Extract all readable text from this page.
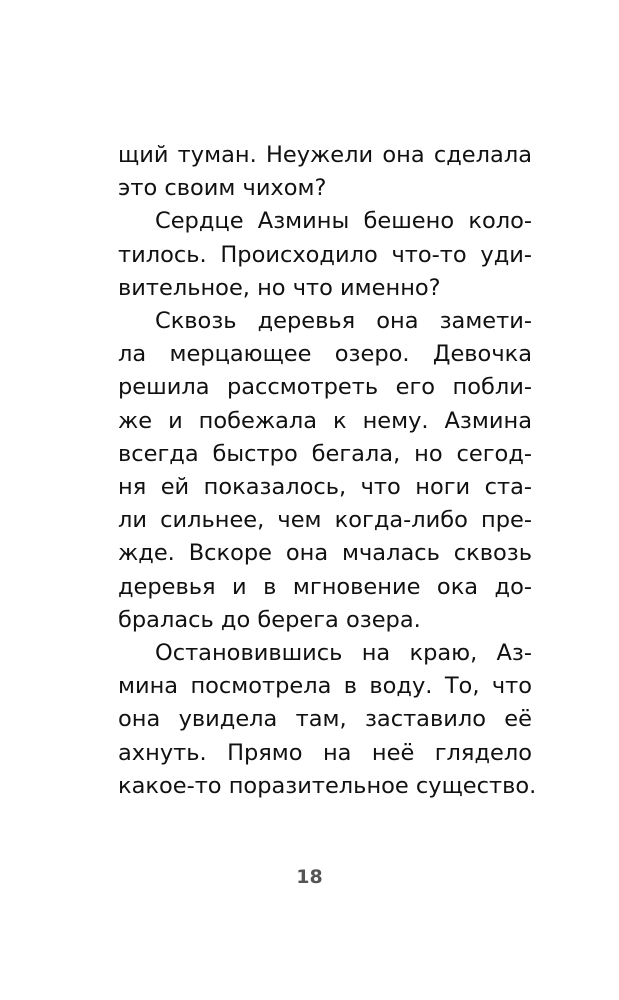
щий туман. Неужели она сделала
это своим чихом?
Сердце Азмины бешено коло-
тилось. Происходило что-то уди-
вительное, но что именно?
Сквозь деревья она замети-
ла мерцающее озеро. Девочка
решила рассмотреть его побли-
же и побежала к нему. Азмина
всегда быстро бегала, но сегод-
ня ей показалось, что ноги ста-
ли сильнее, чем когда-либо пре-
жде. Вскоре она мчалась сквозь
деревья и в мгновение ока до-
бралась до берега озера.
Остановившись на краю, Аз-
мина посмотрела в воду. То, что
она увидела там, заставило её
ахнуть. Прямо на неё глядело
какое-то поразительное существо.
18
